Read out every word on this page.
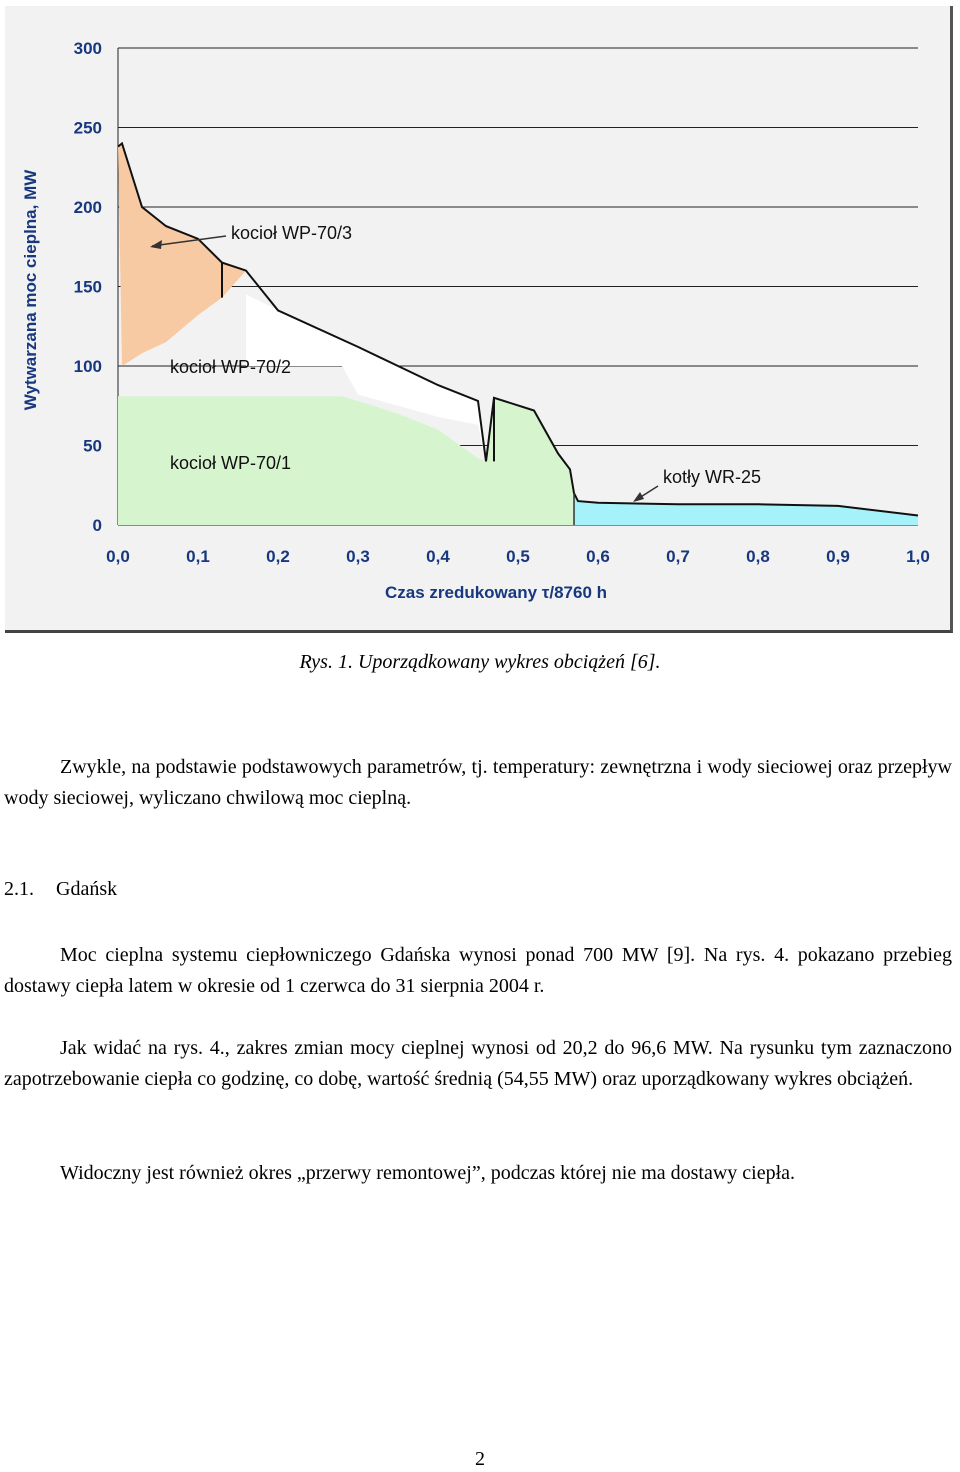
0
50
100
150
200
250
300
0,0	0,1	0,2	0,3	0,4	0,5	0,6	0,7	0,8	0,9	1,0
Wytwarzana moc cieplna, MW
Czas zredukowany τ/8760 h
kocioł WP-70/3
kocioł WP-70/2
kocioł WP-70/1
kotły WR-25
Rys. 1. Uporządkowany wykres obciążeń [6].

Zwykle, na podstawie podstawowych parametrów, tj. temperatury: zewnętrzna i wody sieciowej oraz przepływ wody sieciowej, wyliczano chwilową moc cieplną.

2.1. Gdańsk

Moc cieplna systemu ciepłowniczego Gdańska wynosi ponad 700 MW [9]. Na rys. 4. pokazano przebieg dostawy ciepła latem w okresie od 1 czerwca do 31 sierpnia 2004 r.

Jak widać na rys. 4., zakres zmian mocy cieplnej wynosi od 20,2 do 96,6 MW. Na rysunku tym zaznaczono zapotrzebowanie ciepła co godzinę, co dobę, wartość średnią (54,55 MW) oraz uporządkowany wykres obciążeń.

Widoczny jest również okres „przerwy remontowej”, podczas której nie ma dostawy ciepła.

2
